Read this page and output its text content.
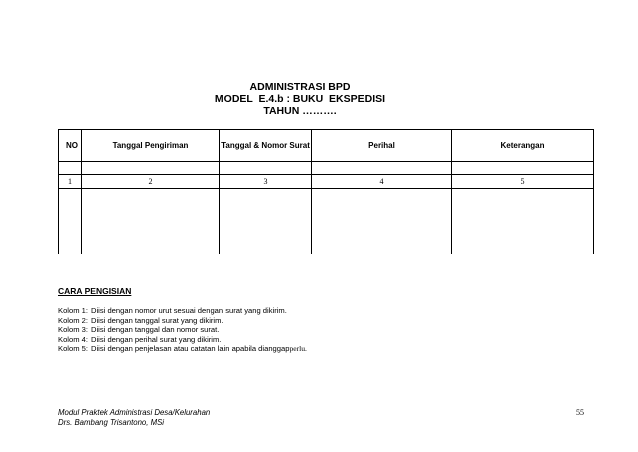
ADMINISTRASI BPD
MODEL  E.4.b : BUKU  EKSPEDISI
TAHUN ……….
NO	Tanggal Pengiriman	Tanggal & Nomor Surat	Perihal	Keterangan

1	2	3	4	5

CARA PENGISIAN
Kolom 1: Diisi dengan nomor urut sesuai dengan surat yang dikirim.
Kolom 2: Diisi dengan tanggal surat yang dikirim.
Kolom 3: Diisi dengan tanggal dan nomor surat.
Kolom 4: Diisi dengan perihal surat yang dikirim.
Kolom 5: Diisi dengan penjelasan atau catatan lain apabila dianggap perlu.
Modul Praktek Administrasi Desa/Kelurahan
Drs. Bambang Trisantono, MSi
55
